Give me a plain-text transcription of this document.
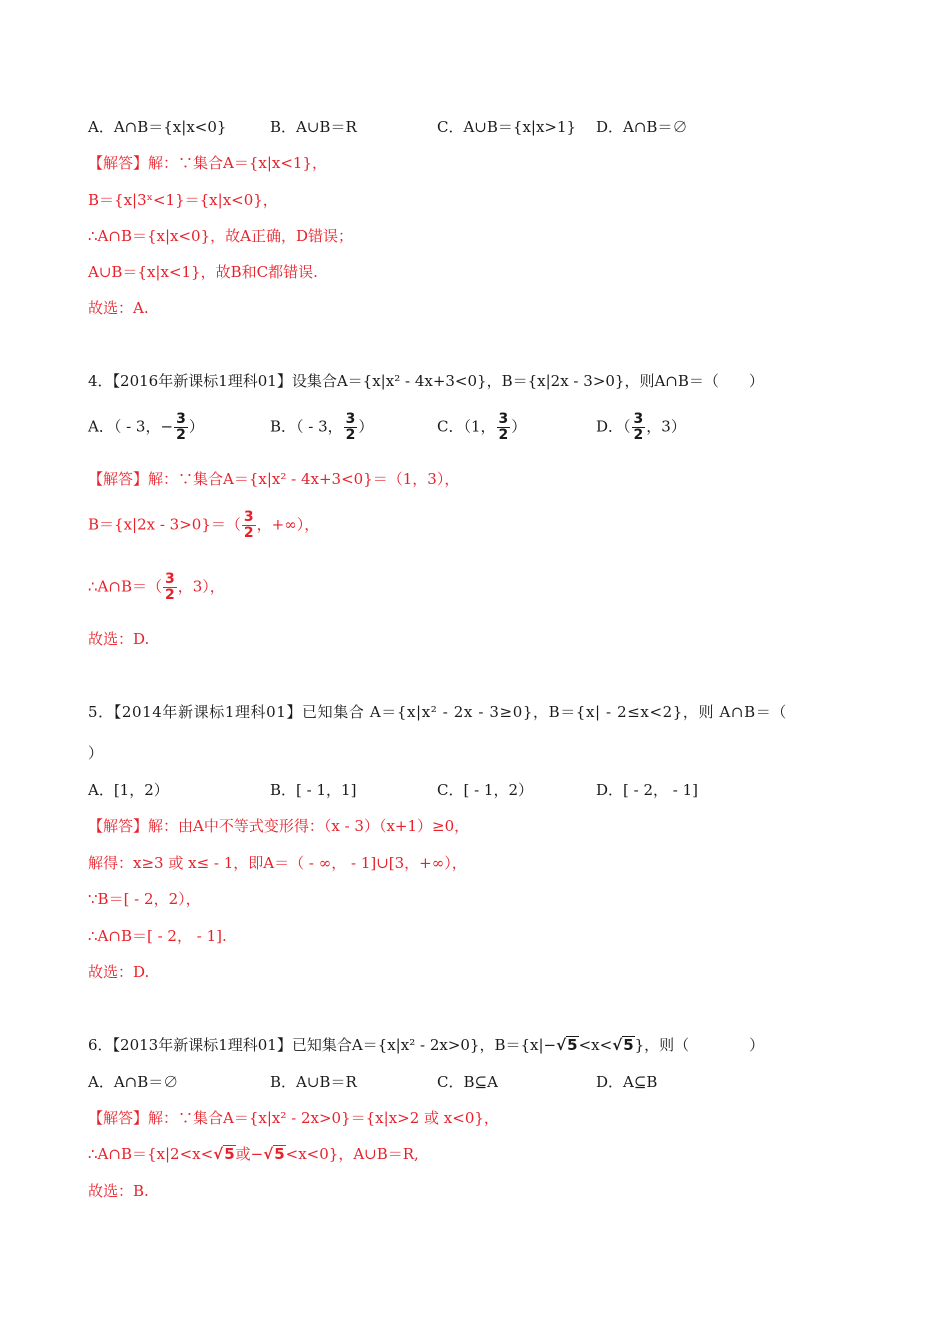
A．A∩B＝{x|x<0}	B．A∪B＝R	C．A∪B＝{x|x>1} D．A∩B＝∅
【解答】解：∵集合A＝{x|x<1}，
B＝{x|3ˣ<1}＝{x|x<0}，
∴A∩B＝{x|x<0}，故A正确，D错误；
A∪B＝{x|x<1}，故B和C都错误.
故选：A.
4．【2016年新课标1理科01】设集合A＝{x|x² - 4x+3<0}，B＝{x|2x - 3>0}，则A∩B＝（　　）
A．（ - 3，− $\frac{3}{2}$ ）	B．（ - 3， $\frac{3}{2}$ ）	C．（1， $\frac{3}{2}$ ）	D．（ $\frac{3}{2}$ ，3）
【解答】解：∵集合A＝{x|x² - 4x+3<0}＝（1，3），
$B=\{x|2x - 3>0\}=( \frac{3}{2}$ ，+∞），
∴A∩B＝（ $\frac{3}{2}$ ，3），
故选：D.
5．【2014年新课标1理科01】已知集合 A＝{x|x² - 2x - 3≥0}，B＝{x| - 2≤x<2}，则 A∩B＝（
）
A．[1，2）	B．[ - 1，1]	C．[ - 1，2）	D．[ - 2， - 1]
【解答】解：由A中不等式变形得：（x - 3）（x+1）≥0，
解得：x≥3 或 x≤ - 1，即A＝（ - ∞， - 1]∪[3，+∞），
∵B＝[ - 2，2），
∴A∩B＝[ - 2， - 1].
故选：D.
6．【2013年新课标1理科01】已知集合A＝{x|x² - 2x>0}，B＝{x|−√5<x<√5}，则（　　　　）
A．A∩B＝∅	B．A∪B＝R	C．B⊆A	D．A⊆B
【解答】解：∵集合A＝{x|x² - 2x>0}＝{x|x>2 或 x<0}，
∴A∩B＝{x|2<x<√5或−√5<x<0}，A∪B＝R,
故选：B.
